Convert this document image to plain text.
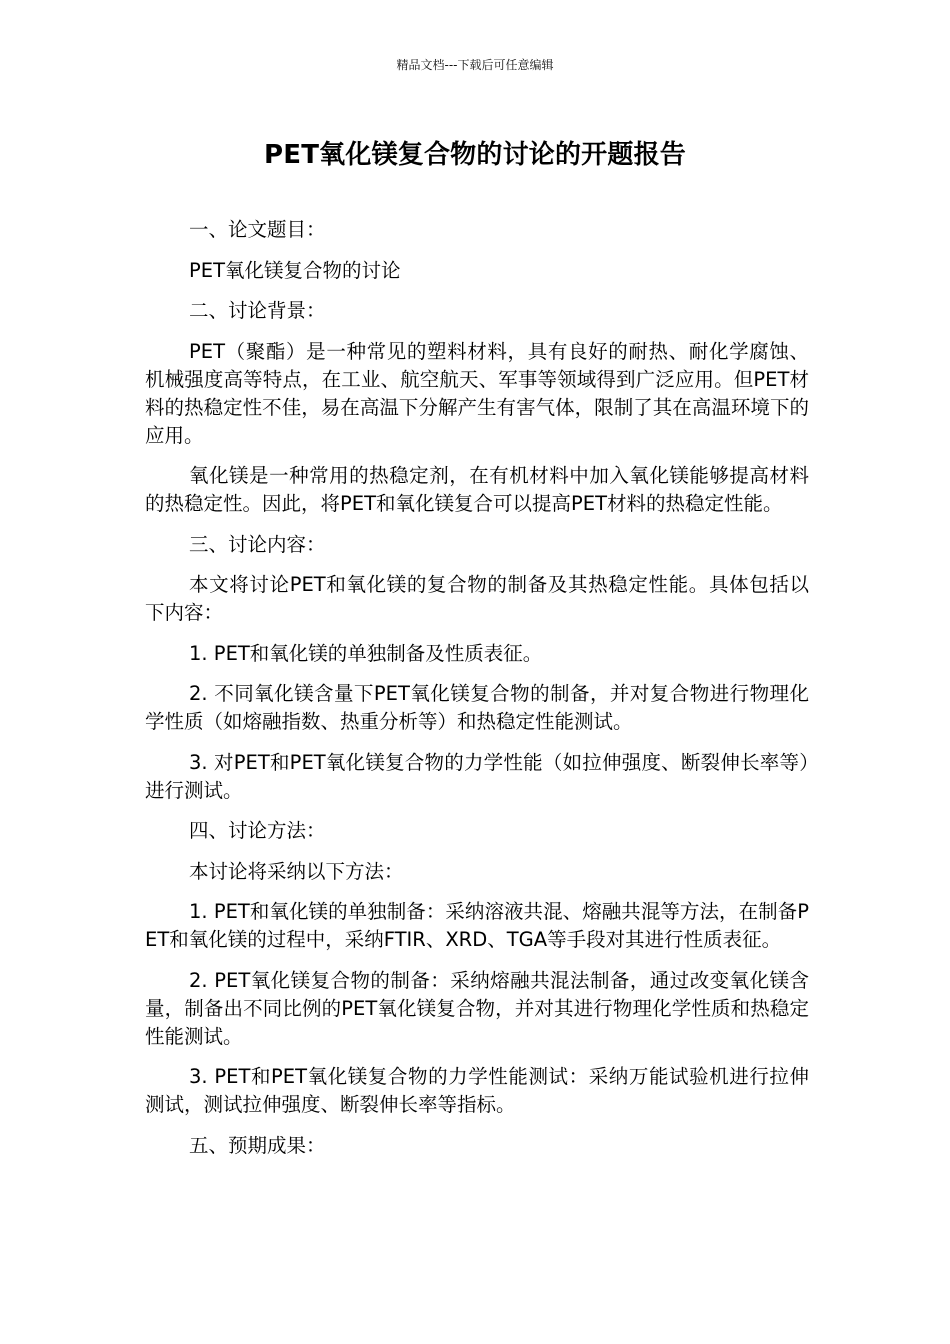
精品文档---下载后可任意编辑
PET氧化镁复合物的讨论的开题报告

一、论文题目：

PET氧化镁复合物的讨论

二、讨论背景：

PET（聚酯）是一种常见的塑料材料，具有良好的耐热、耐化学腐蚀、机械强度高等特点，在工业、航空航天、军事等领域得到广泛应用。但PET材料的热稳定性不佳，易在高温下分解产生有害气体，限制了其在高温环境下的应用。

氧化镁是一种常用的热稳定剂，在有机材料中加入氧化镁能够提高材料的热稳定性。因此，将PET和氧化镁复合可以提高PET材料的热稳定性能。

三、讨论内容：

本文将讨论PET和氧化镁的复合物的制备及其热稳定性能。具体包括以下内容：

1. PET和氧化镁的单独制备及性质表征。

2. 不同氧化镁含量下PET氧化镁复合物的制备，并对复合物进行物理化学性质（如熔融指数、热重分析等）和热稳定性能测试。

3. 对PET和PET氧化镁复合物的力学性能（如拉伸强度、断裂伸长率等）进行测试。

四、讨论方法：

本讨论将采纳以下方法：

1. PET和氧化镁的单独制备：采纳溶液共混、熔融共混等方法，在制备PET和氧化镁的过程中，采纳FTIR、XRD、TGA等手段对其进行性质表征。

2. PET氧化镁复合物的制备：采纳熔融共混法制备，通过改变氧化镁含量，制备出不同比例的PET氧化镁复合物，并对其进行物理化学性质和热稳定性能测试。

3. PET和PET氧化镁复合物的力学性能测试：采纳万能试验机进行拉伸测试，测试拉伸强度、断裂伸长率等指标。

五、预期成果：
